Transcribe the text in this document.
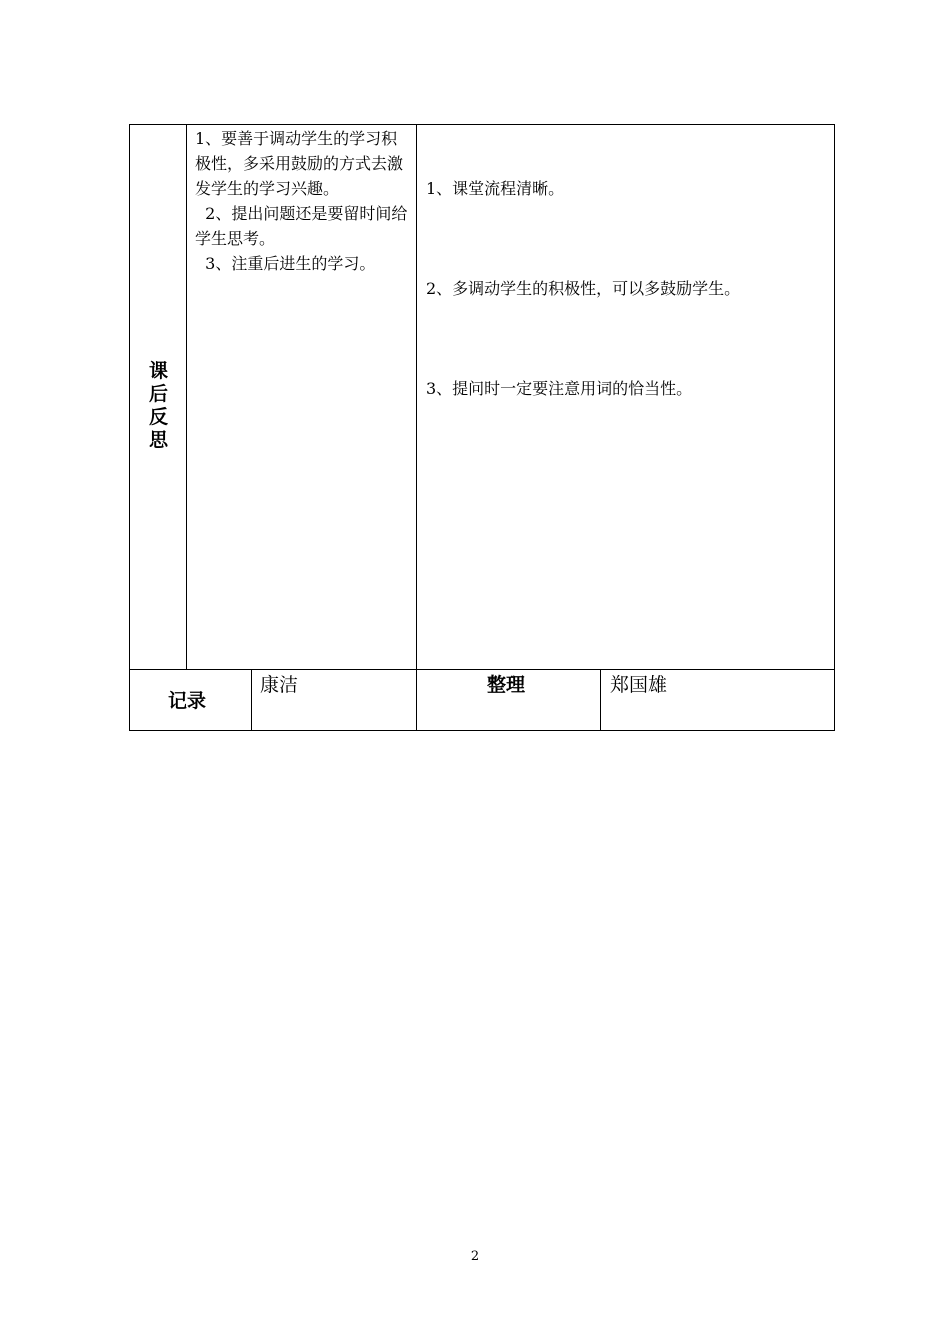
课
后
反
思
1、要善于调动学生的学习积极性，多采用鼓励的方式去激发学生的学习兴趣。
2、提出问题还是要留时间给学生思考。
3、注重后进生的学习。

1、课堂流程清晰。

2、多调动学生的积极性，可以多鼓励学生。

3、提问时一定要注意用词的恰当性。

记录
康洁	整理	郑国雄
2
